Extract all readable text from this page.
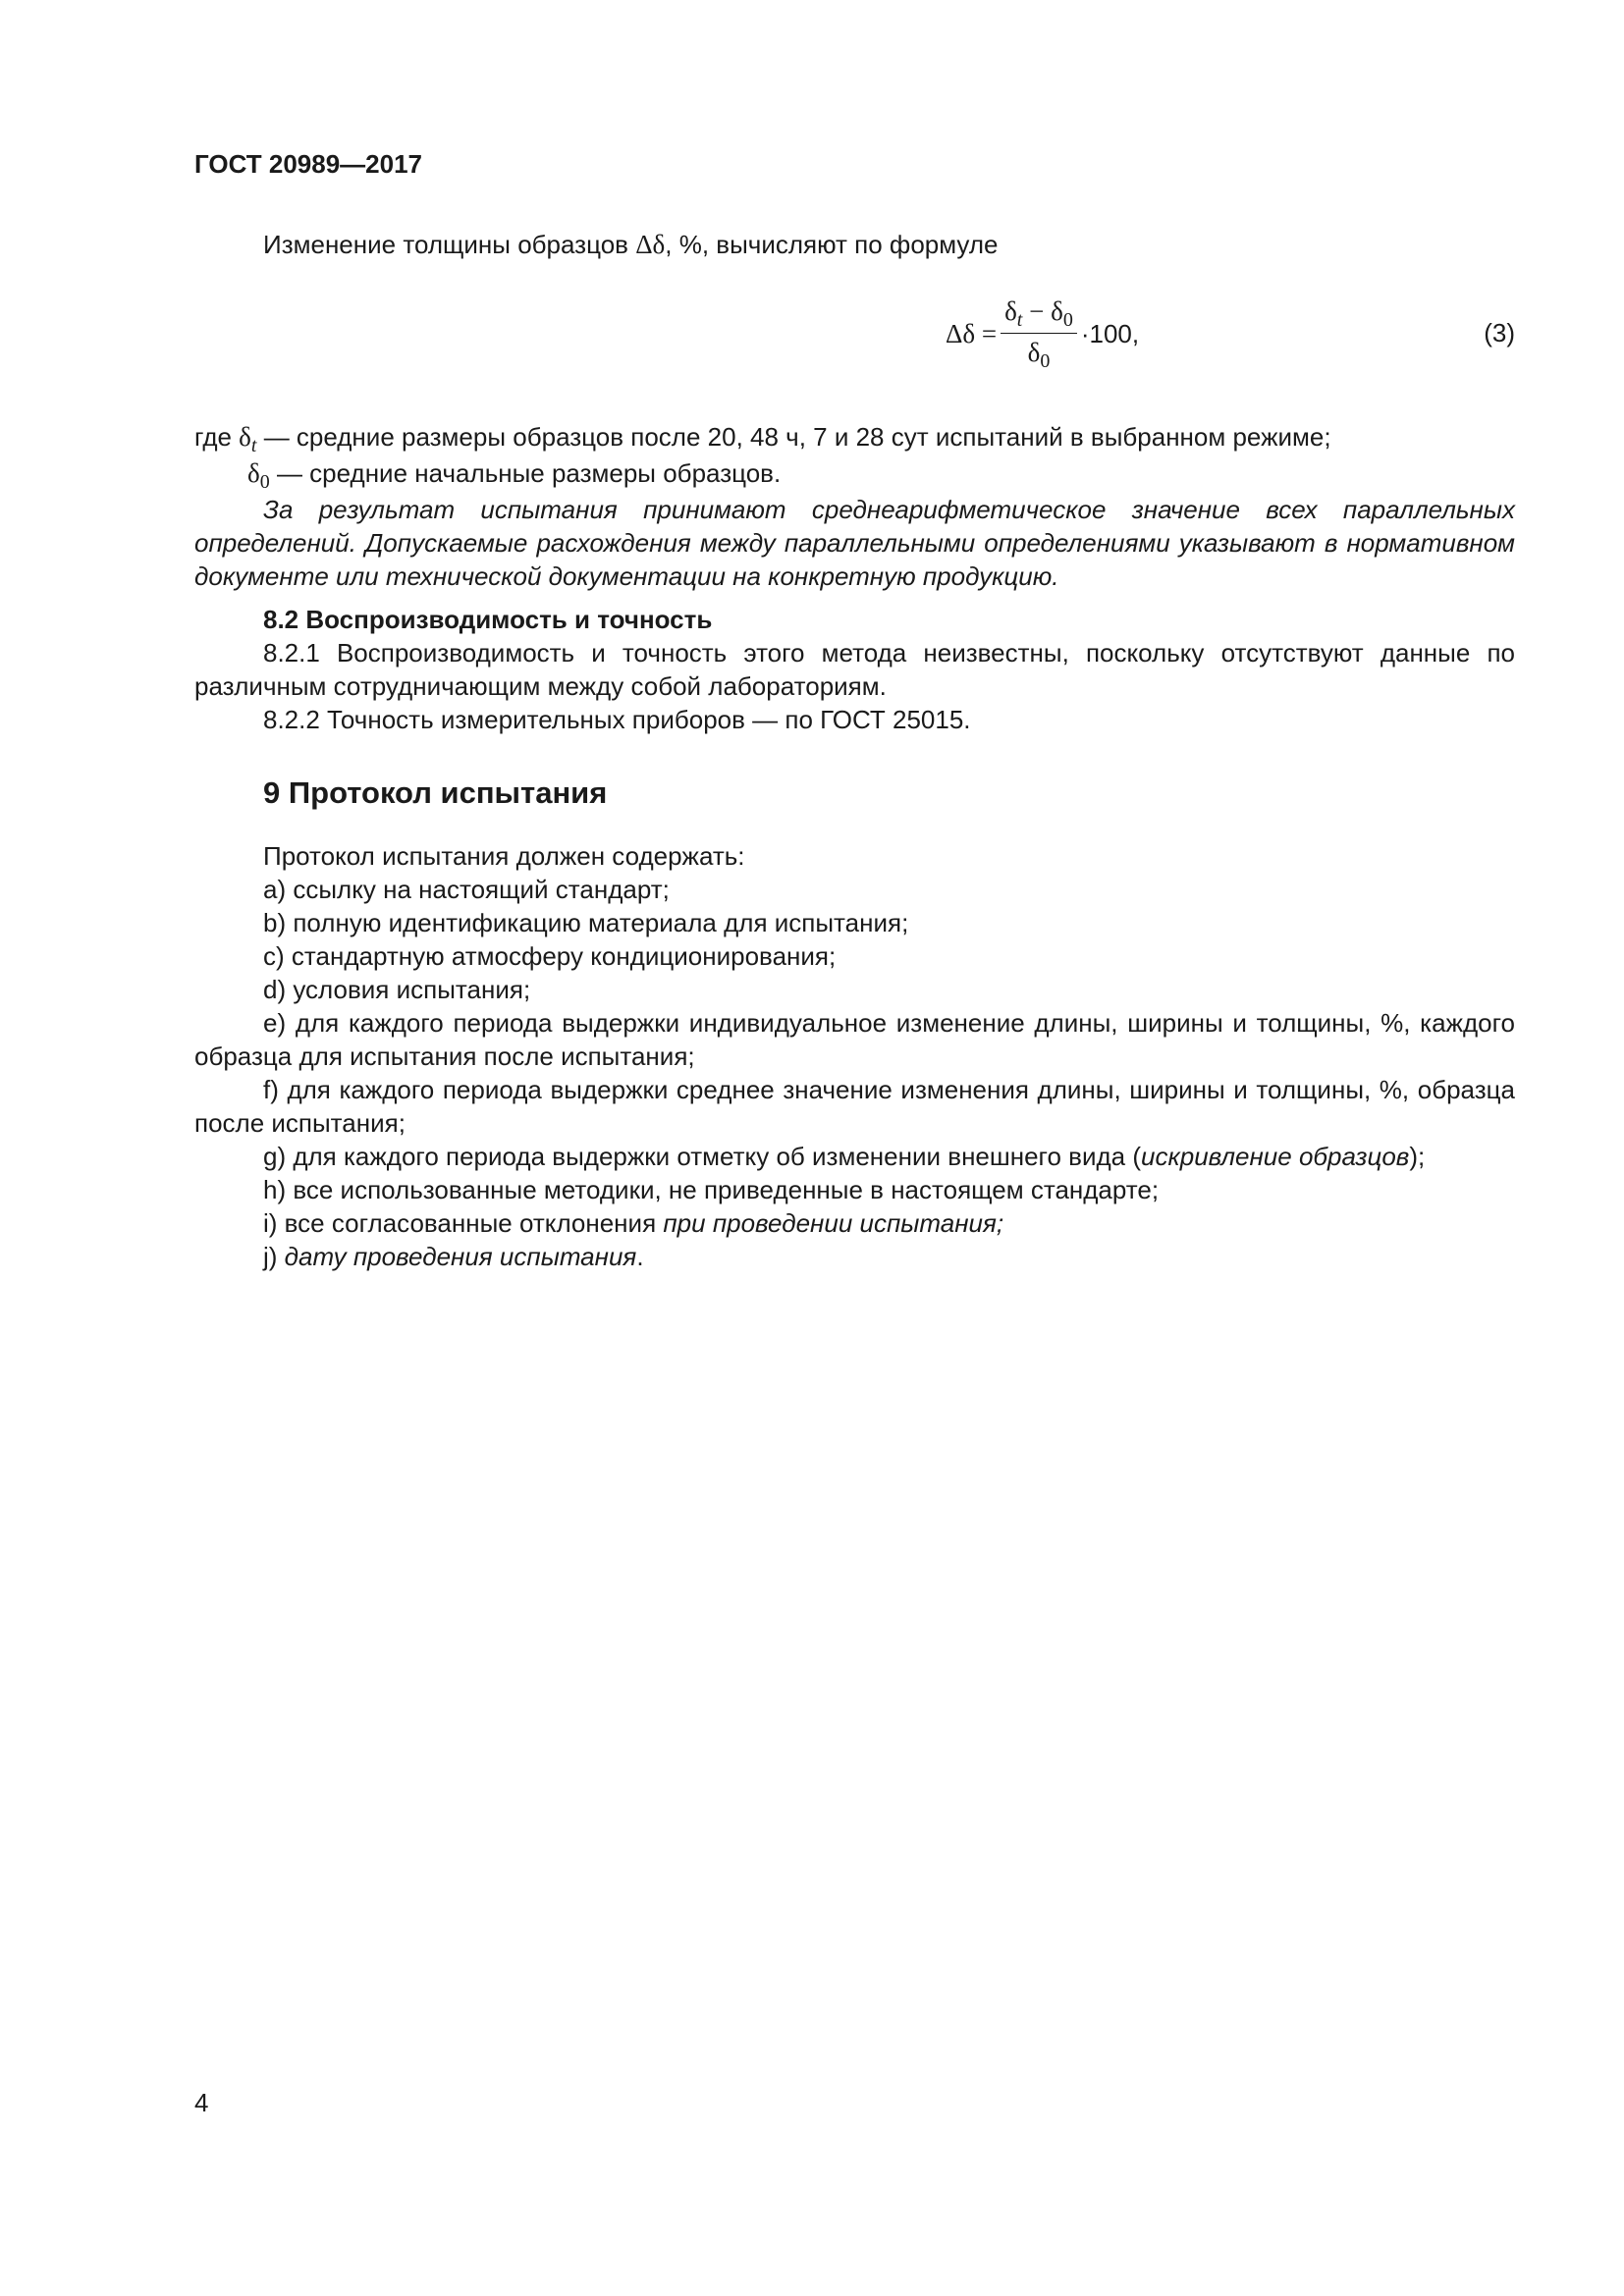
ГОСТ 20989—2017

Изменение толщины образцов Δδ, %, вычисляют по формуле

$\Delta\delta = \frac{\delta_t - \delta_0}{\delta_0} \cdot 100$,	(3)

где $\delta_t$ — средние размеры образцов после 20, 48 ч, 7 и 28 сут испытаний в выбранном режиме;

$\delta_0$ — средние начальные размеры образцов.

За результат испытания принимают среднеарифметическое значение всех параллельных определений. Допускаемые расхождения между параллельными определениями указывают в нормативном документе или технической документации на конкретную продукцию.

8.2 Воспроизводимость и точность

8.2.1 Воспроизводимость и точность этого метода неизвестны, поскольку отсутствуют данные по различным сотрудничающим между собой лабораториям.

8.2.2 Точность измерительных приборов — по ГОСТ 25015.

9 Протокол испытания

Протокол испытания должен содержать:

a) ссылку на настоящий стандарт;

b) полную идентификацию материала для испытания;

c) стандартную атмосферу кондиционирования;

d) условия испытания;

e) для каждого периода выдержки индивидуальное изменение длины, ширины и толщины, %, каждого образца для испытания после испытания;

f) для каждого периода выдержки среднее значение изменения длины, ширины и толщины, %, образца после испытания;

g) для каждого периода выдержки отметку об изменении внешнего вида (искривление образцов);

h) все использованные методики, не приведенные в настоящем стандарте;

i) все согласованные отклонения при проведении испытания;

j) дату проведения испытания.

4
